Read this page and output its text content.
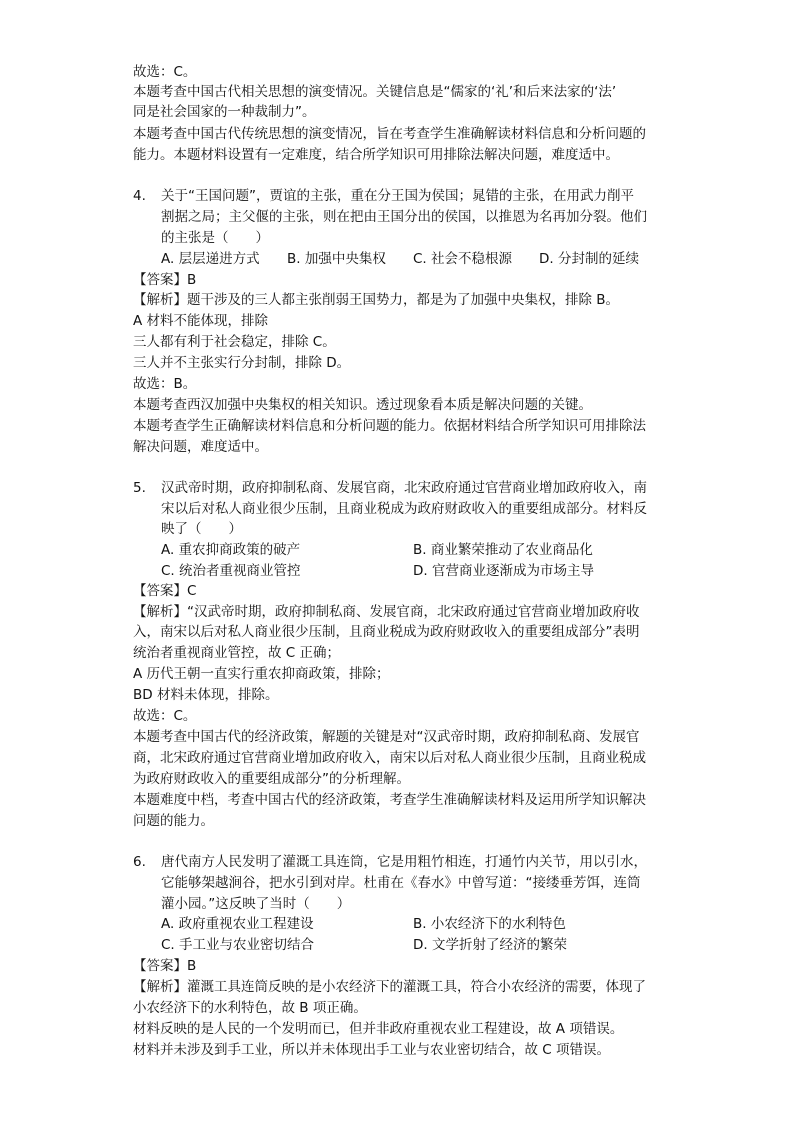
故选：C。
本题考查中国古代相关思想的演变情况。关键信息是“儒家的‘礼’和后来法家的‘法’
同是社会国家的一种裁制力”。
本题考查中国古代传统思想的演变情况，旨在考查学生准确解读材料信息和分析问题的
能力。本题材料设置有一定难度，结合所学知识可用排除法解决问题，难度适中。
4. 关于“王国问题”，贾谊的主张，重在分王国为侯国；晁错的主张，在用武力削平
割据之局；主父偃的主张，则在把由王国分出的侯国，以推恩为名再加分裂。他们
的主张是（　　）
A. 层层递进方式 B. 加强中央集权 C. 社会不稳根源 D. 分封制的延续
【答案】B
【解析】题干涉及的三人都主张削弱王国势力，都是为了加强中央集权，排除 B。
A 材料不能体现，排除
三人都有利于社会稳定，排除 C。
三人并不主张实行分封制，排除 D。
故选：B。
本题考查西汉加强中央集权的相关知识。透过现象看本质是解决问题的关键。
本题考查学生正确解读材料信息和分析问题的能力。依据材料结合所学知识可用排除法
解决问题，难度适中。
5. 汉武帝时期，政府抑制私商、发展官商，北宋政府通过官营商业增加政府收入，南
宋以后对私人商业很少压制，且商业税成为政府财政收入的重要组成部分。材料反
映了（　　）
A. 重农抑商政策的破产	B. 商业繁荣推动了农业商品化
C. 统治者重视商业管控	D. 官营商业逐渐成为市场主导
【答案】C
【解析】“汉武帝时期，政府抑制私商、发展官商，北宋政府通过官营商业增加政府收
入，南宋以后对私人商业很少压制，且商业税成为政府财政收入的重要组成部分”表明
统治者重视商业管控，故 C 正确；
A 历代王朝一直实行重农抑商政策，排除；
BD 材料未体现，排除。
故选：C。
本题考查中国古代的经济政策，解题的关键是对“汉武帝时期，政府抑制私商、发展官
商，北宋政府通过官营商业增加政府收入，南宋以后对私人商业很少压制，且商业税成
为政府财政收入的重要组成部分”的分析理解。
本题难度中档，考查中国古代的经济政策，考查学生准确解读材料及运用所学知识解决
问题的能力。
6. 唐代南方人民发明了灌溉工具连筒，它是用粗竹相连，打通竹内关节，用以引水，
它能够架越涧谷，把水引到对岸。杜甫在《春水》中曾写道：“接缕垂芳饵，连筒
灌小园。”这反映了当时（　　）
A. 政府重视农业工程建设	B. 小农经济下的水利特色
C. 手工业与农业密切结合	D. 文学折射了经济的繁荣
【答案】B
【解析】灌溉工具连筒反映的是小农经济下的灌溉工具，符合小农经济的需要，体现了
小农经济下的水利特色，故 B 项正确。
材料反映的是人民的一个发明而已，但并非政府重视农业工程建设，故 A 项错误。
材料并未涉及到手工业，所以并未体现出手工业与农业密切结合，故 C 项错误。
